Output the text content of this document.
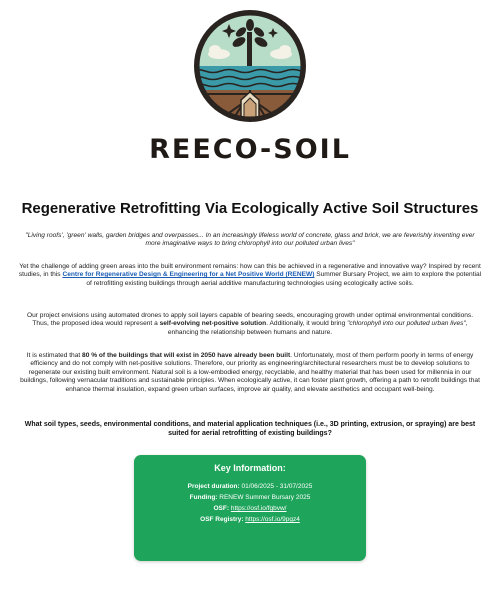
REECO-SOIL
Regenerative Retrofitting Via Ecologically Active Soil Structures

"Living roofs', 'green' walls, garden bridges and overpasses... In an increasingly lifeless world of concrete, glass and brick, we are feverishly inventing ever more imaginative ways to bring chlorophyll into our polluted urban lives"

Yet the challenge of adding green areas into the built environment remains: how can this be achieved in a regenerative and innovative way? Inspired by recent studies, in this Centre for Regenerative Design & Engineering for a Net Positive World (RENEW) Summer Bursary Project, we aim to explore the potential of retrofitting existing buildings through aerial additive manufacturing technologies using ecologically active soils.

Our project envisions using automated drones to apply soil layers capable of bearing seeds, encouraging growth under optimal environmental conditions. Thus, the proposed idea would represent a self-evolving net-positive solution. Additionally, it would bring "chlorophyll into our polluted urban lives", enhancing the relationship between humans and nature.

It is estimated that 80 % of the buildings that will exist in 2050 have already been built. Unfortunately, most of them perform poorly in terms of energy efficiency and do not comply with net-positive solutions. Therefore, our priority as engineering/architectural researchers must be to develop solutions to regenerate our existing built environment. Natural soil is a low-embodied energy, recyclable, and healthy material that has been used for millennia in our buildings, following vernacular traditions and sustainable principles. When ecologically active, it can foster plant growth, offering a path to retrofit buildings that enhance thermal insulation, expand green urban surfaces, improve air quality, and elevate aesthetics and occupant well-being.

What soil types, seeds, environmental conditions, and material application techniques (i.e., 3D printing, extrusion, or spraying) are best suited for aerial retrofitting of existing buildings?

Key Information:
Project duration: 01/06/2025 - 31/07/2025
Funding: RENEW Summer Bursary 2025
OSF: https://osf.io/fgbvw/
OSF Registry: https://osf.io/9pgz4
